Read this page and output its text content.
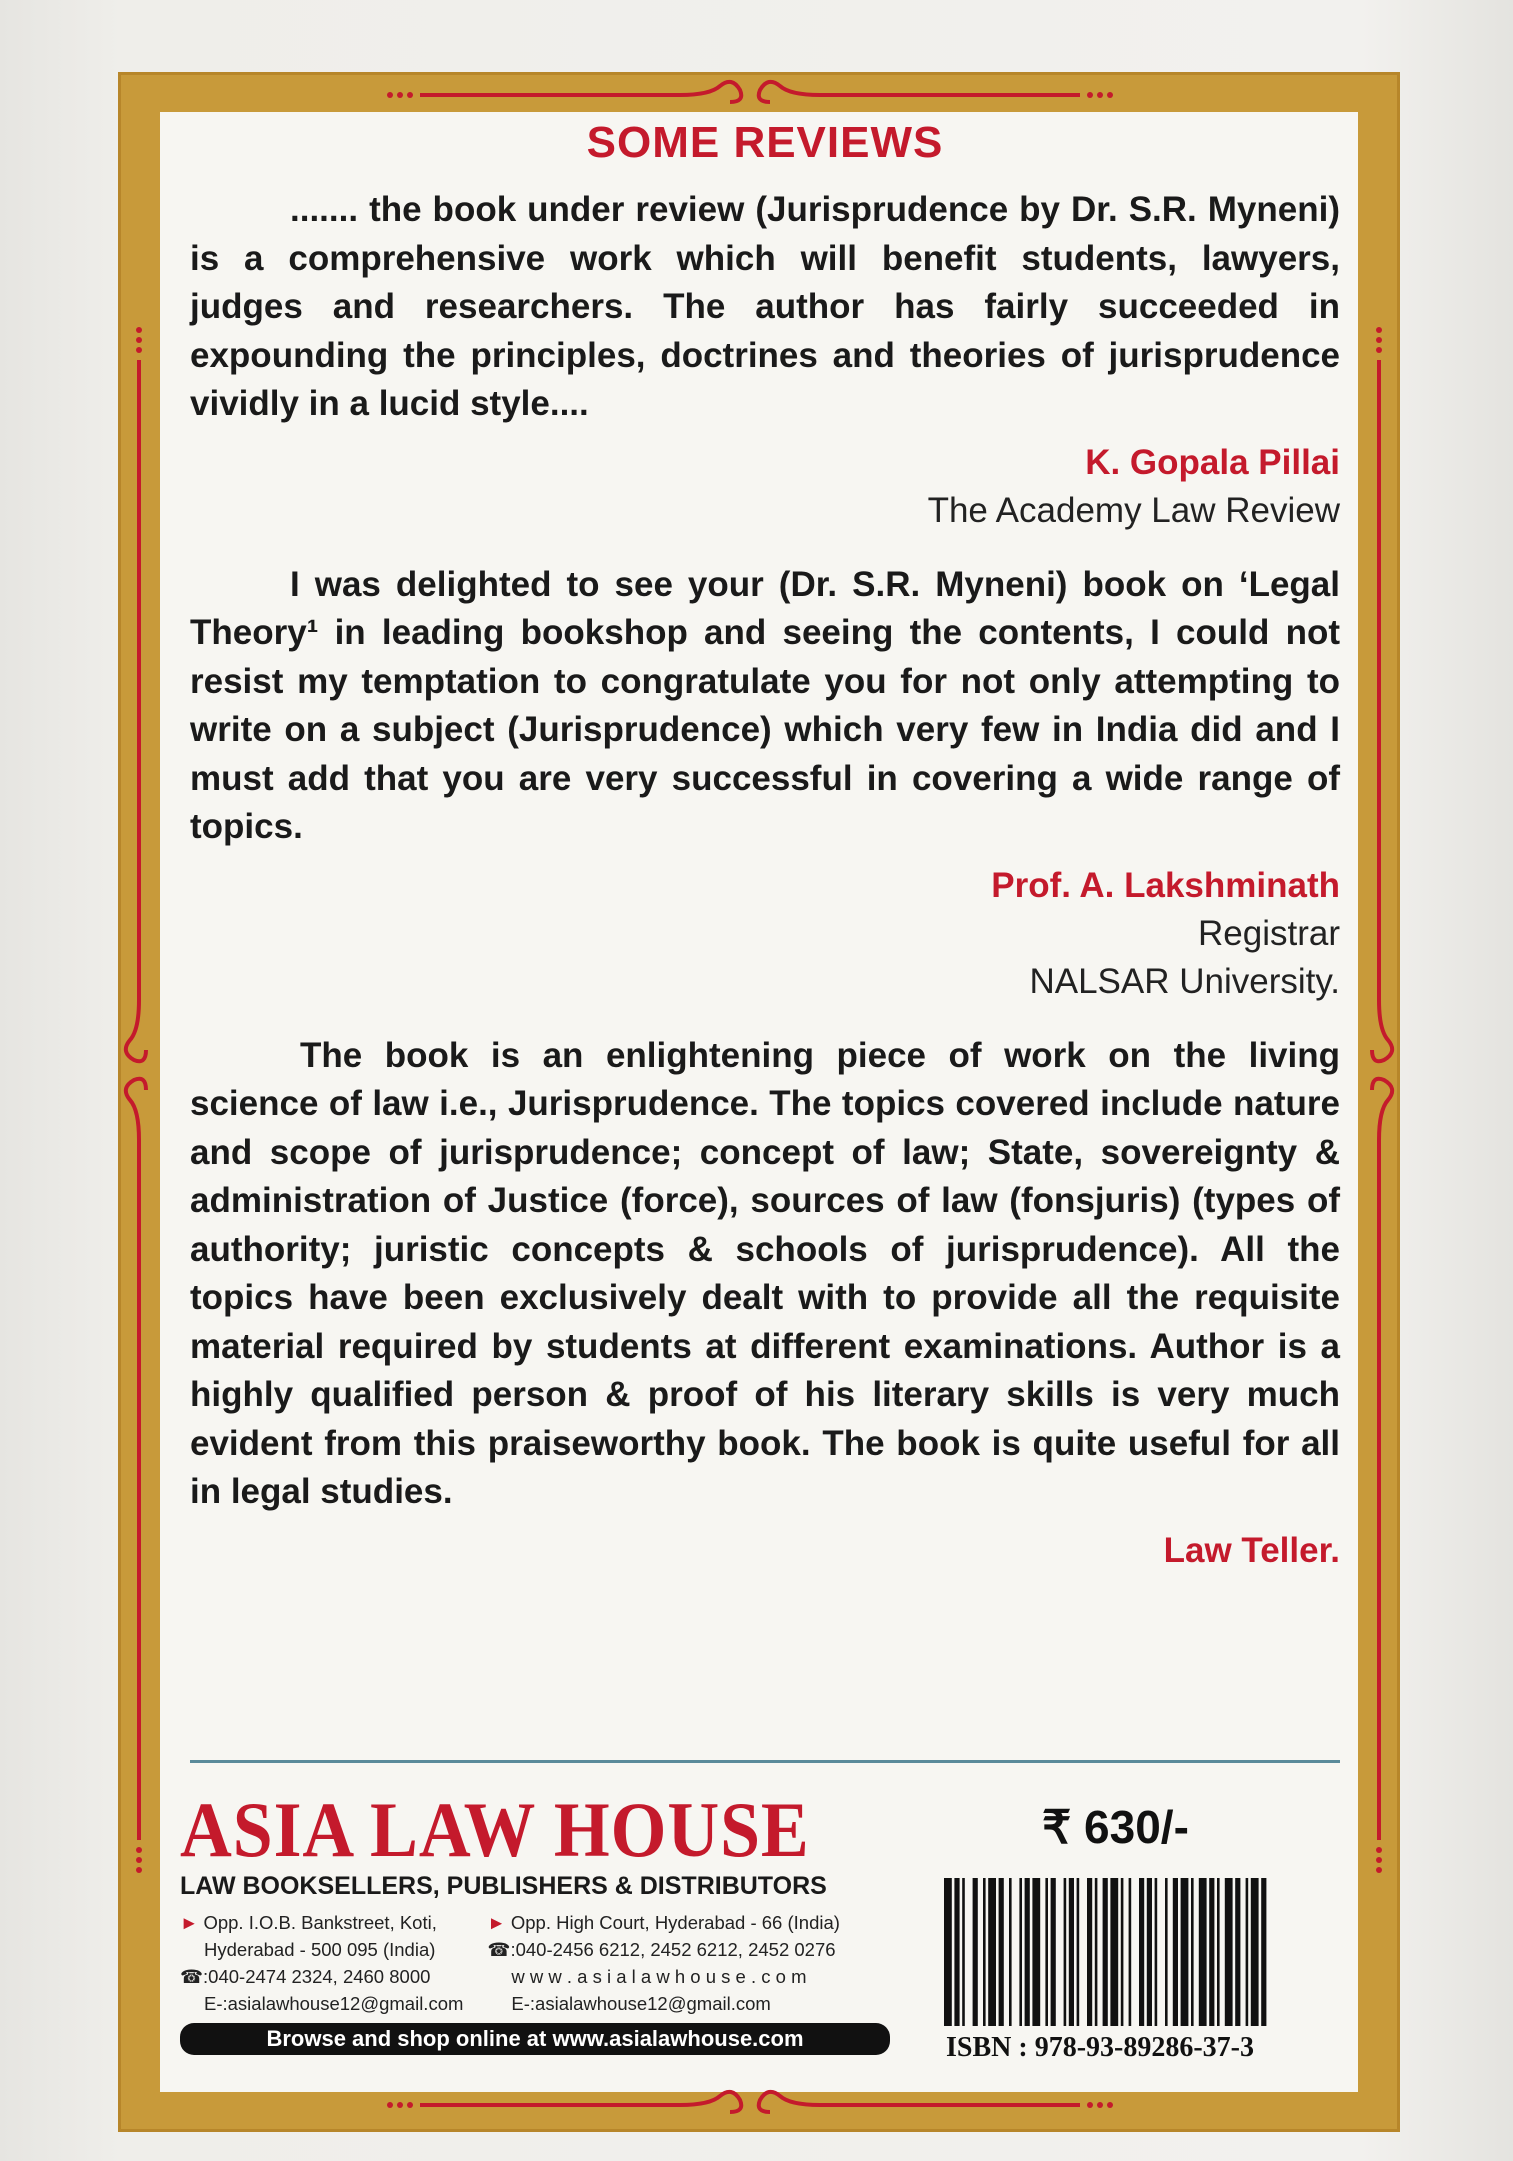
SOME REVIEWS

....... the book under review (Jurisprudence by Dr. S.R. Myneni) is a comprehensive work which will benefit students, lawyers, judges and researchers. The author has fairly succeeded in expounding the principles, doctrines and theories of jurisprudence vividly in a lucid style....

K. Gopala Pillai
The Academy Law Review

I was delighted to see your (Dr. S.R. Myneni) book on ‘Legal Theory¹ in leading bookshop and seeing the contents, I could not resist my temptation to congratulate you for not only attempting to write on a subject (Jurisprudence) which very few in India did and I must add that you are very successful in covering a wide range of topics.

Prof. A. Lakshminath
Registrar
NALSAR University.

The book is an enlightening piece of work on the living science of law i.e., Jurisprudence. The topics covered include nature and scope of jurisprudence; concept of law; State, sovereignty & administration of Justice (force), sources of law (fonsjuris) (types of authority; juristic concepts & schools of jurisprudence). All the topics have been exclusively dealt with to provide all the requisite material required by students at different examinations. Author is a highly qualified person & proof of his literary skills is very much evident from this praiseworthy book. The book is quite useful for all in legal studies.

Law Teller.
ASIA LAW HOUSE
LAW BOOKSELLERS, PUBLISHERS & DISTRIBUTORS
► Opp. I.O.B. Bankstreet, Koti,
Hyderabad - 500 095 (India)
☎:040-2474 2324, 2460 8000
E-:asialawhouse12@gmail.com
► Opp. High Court, Hyderabad - 66 (India)
☎:040-2456 6212, 2452 6212, 2452 0276
w w w . a s i a l a w h o u s e . c o m
E-:asialawhouse12@gmail.com
Browse and shop online at www.asialawhouse.com
₹ 630/-
ISBN : 978-93-89286-37-3
